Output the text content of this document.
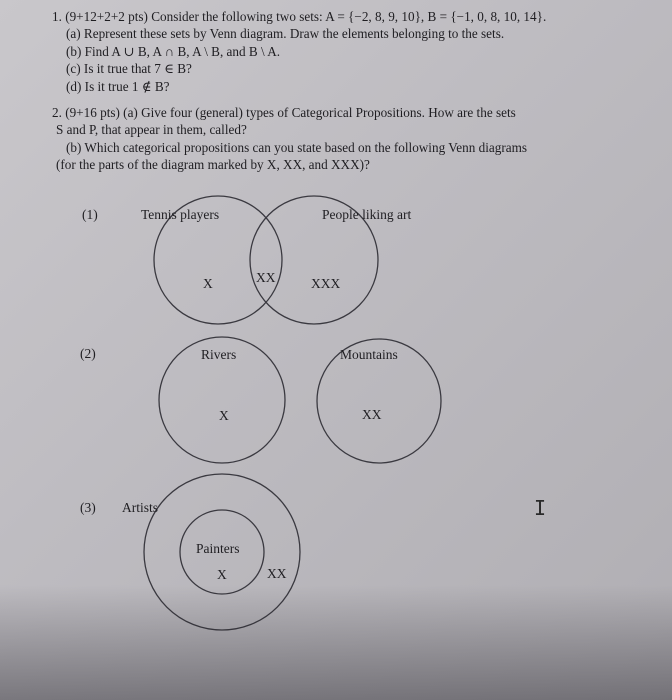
1. (9+12+2+2 pts) Consider the following two sets: A = {−2, 8, 9, 10}, B = {−1, 0, 8, 10, 14}.
(a) Represent these sets by Venn diagram. Draw the elements belonging to the sets.
(b) Find A ∪ B, A ∩ B, A \ B, and B \ A.
(c) Is it true that 7 ∈ B?
(d) Is it true 1 ∉ B?
2. (9+16 pts) (a) Give four (general) types of Categorical Propositions. How are the sets
S and P, that appear in them, called?
(b) Which categorical propositions can you state based on the following Venn diagrams
(for the parts of the diagram marked by X, XX, and XXX)?
(1)	Tennis players	People liking art
X	XX	XXX
(2)	Rivers	Mountains
X	XX
(3) Artists
Painters
X	XX
I
